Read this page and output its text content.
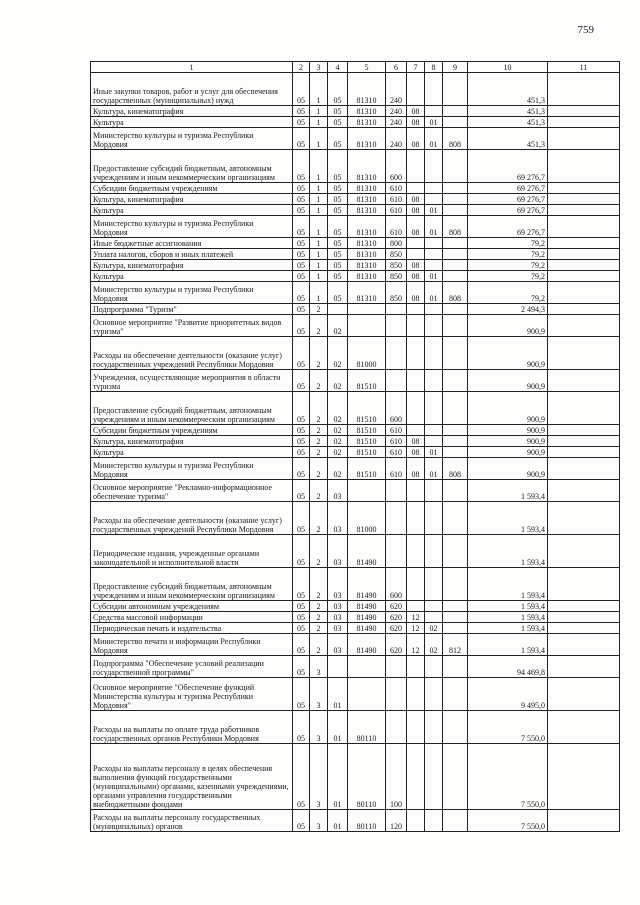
759
1	2	3	4	5	6	7	8	9	10	11
Иные закупки товаров, работ и услуг для обеспечения государственных (муниципальных) нужд	05	1	05	81310	240				451,3	
Культура, кинематография	05	1	05	81310	240	08			451,3	
Культура	05	1	05	81310	240	08	01		451,3	
Министерство культуры и туризма Республики Мордовия	05	1	05	81310	240	08	01	808	451,3	
Предоставление субсидий бюджетным, автономным учреждениям и иным некоммерческим организациям	05	1	05	81310	600				69 276,7	
Субсидии бюджетным учреждениям	05	1	05	81310	610				69 276,7	
Культура, кинематография	05	1	05	81310	610	08			69 276,7	
Культура	05	1	05	81310	610	08	01		69 276,7	
Министерство культуры и туризма Республики Мордовия	05	1	05	81310	610	08	01	808	69 276,7	
Иные бюджетные ассигнования	05	1	05	81310	800				79,2	
Уплата налогов, сборов и иных платежей	05	1	05	81310	850				79,2	
Культура, кинематография	05	1	05	81310	850	08			79,2	
Культура	05	1	05	81310	850	08	01		79,2	
Министерство культуры и туризма Республики Мордовия	05	1	05	81310	850	08	01	808	79,2	
Подпрограмма "Туризм"	05	2							2 494,3	
Основное мероприятие "Развитие приоритетных видов туризма"	05	2	02						900,9	
Расходы на обеспечение деятельности (оказание услуг) государственных учреждений Республики Мордовия	05	2	02	81000					900,9	
Учреждения, осуществляющие мероприятия в области туризма	05	2	02	81510					900,9	
Предоставление субсидий бюджетным, автономным учреждениям и иным некоммерческим организациям	05	2	02	81510	600				900,9	
Субсидии бюджетным учреждениям	05	2	02	81510	610				900,9	
Культура, кинематография	05	2	02	81510	610	08			900,9	
Культура	05	2	02	81510	610	08	01		900,9	
Министерство культуры и туризма Республики Мордовия	05	2	02	81510	610	08	01	808	900,9	
Основное мероприятие "Рекламно-информационное обеспечение туризма"	05	2	03						1 593,4	
Расходы на обеспечение деятельности (оказание услуг) государственных учреждений Республики Мордовия	05	2	03	81000					1 593,4	
Периодические издания, учрежденные органами законодательной и исполнительной власти	05	2	03	81490					1 593,4	
Предоставление субсидий бюджетным, автономным учреждениям и иным некоммерческим организациям	05	2	03	81490	600				1 593,4	
Субсидии автономным учреждениям	05	2	03	81490	620				1 593,4	
Средства массовой информации	05	2	03	81490	620	12			1 593,4	
Периодическая печать и издательства	05	2	03	81490	620	12	02		1 593,4	
Министерство печати и информации Республики Мордовия	05	2	03	81490	620	12	02	812	1 593,4	
Подпрограмма "Обеспечение условий реализации государственной программы"	05	3							94 469,8	
Основное мероприятие "Обеспечение функций Министерства культуры и туризма Республики Мордовия"	05	3	01						9 495,0	
Расходы на выплаты по оплате труда работников государственных органов Республики Мордовия	05	3	01	80110					7 550,0	
Расходы на выплаты персоналу в целях обеспечения выполнения функций государственными (муниципальными) органами, казенными учреждениями, органами управления государственными внебюджетными фондами	05	3	01	80110	100				7 550,0	
Расходы на выплаты персоналу государственных (муниципальных) органов	05	3	01	80110	120				7 550,0	
